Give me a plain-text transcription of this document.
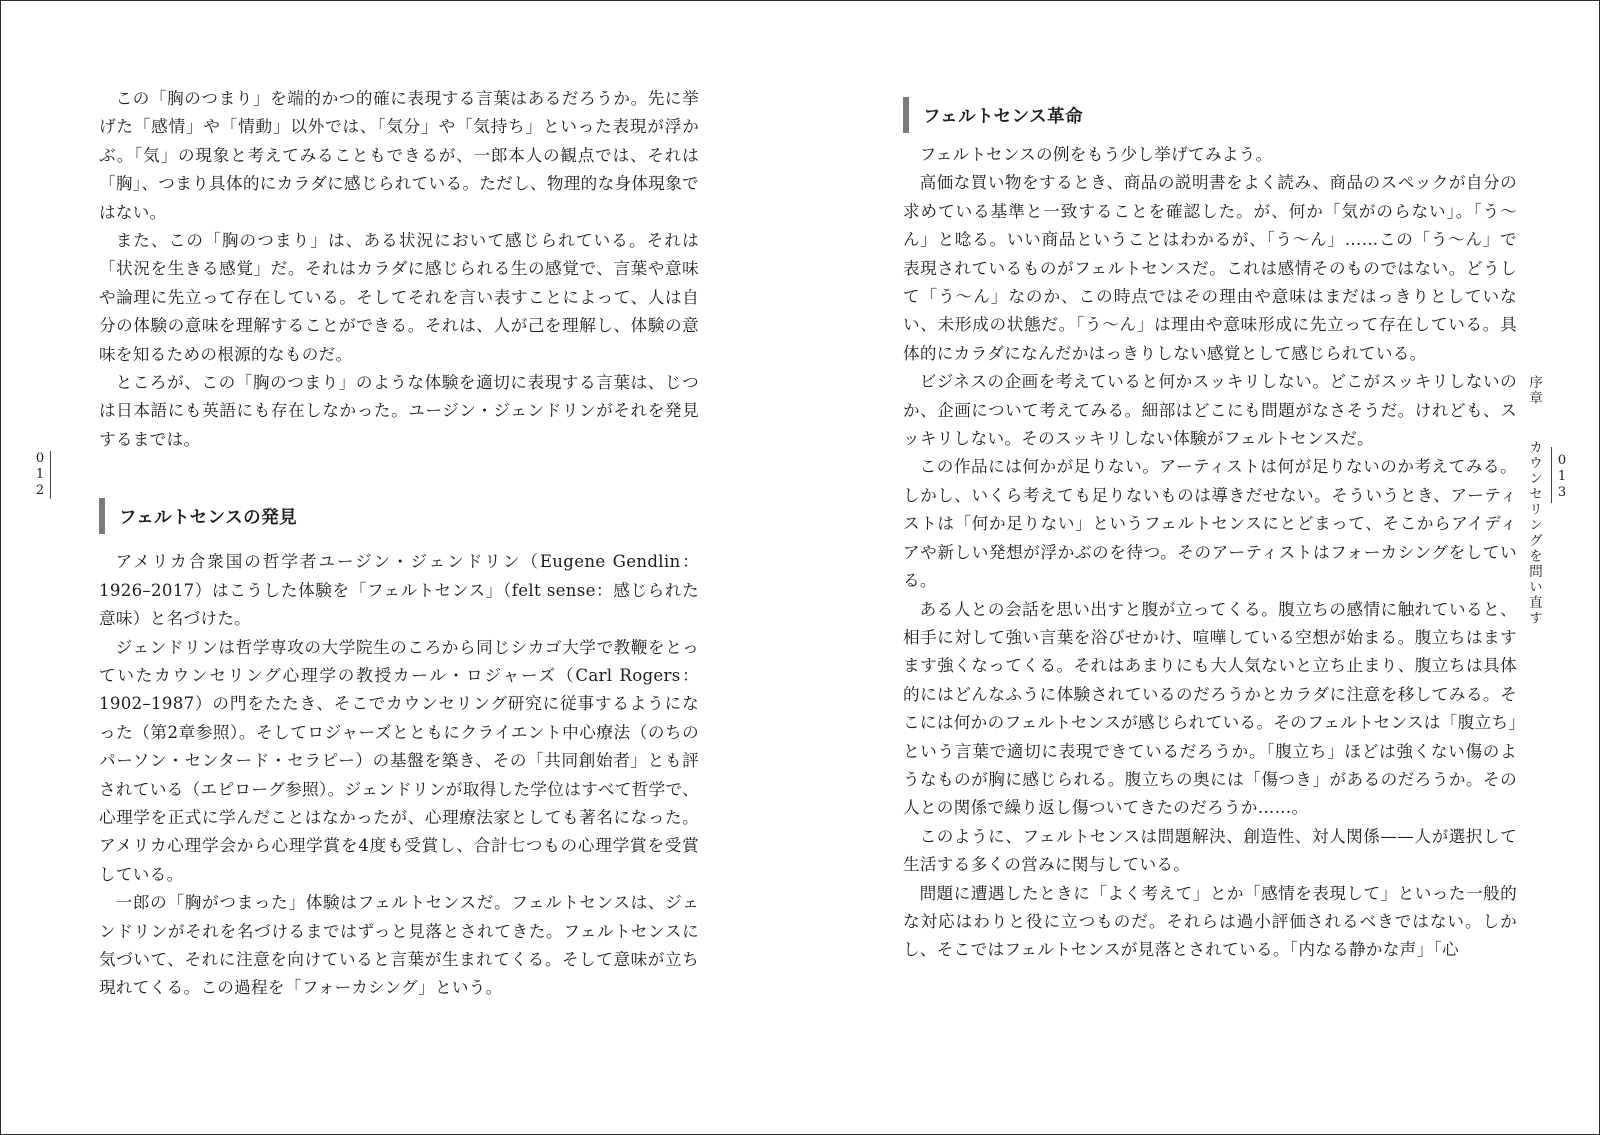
この「胸のつまり」を端的かつ的確に表現する言葉はあるだろうか。先に挙げた「感情」や「情動」以外では、「気分」や「気持ち」といった表現が浮かぶ。「気」の現象と考えてみることもできるが、一郎本人の観点では、それは「胸」、つまり具体的にカラダに感じられている。ただし、物理的な身体現象ではない。

また、この「胸のつまり」は、ある状況において感じられている。それは「状況を生きる感覚」だ。それはカラダに感じられる生の感覚で、言葉や意味や論理に先立って存在している。そしてそれを言い表すことによって、人は自分の体験の意味を理解することができる。それは、人が己を理解し、体験の意味を知るための根源的なものだ。

ところが、この「胸のつまり」のような体験を適切に表現する言葉は、じつは日本語にも英語にも存在しなかった。ユージン・ジェンドリンがそれを発見するまでは。

フェルトセンスの発見

アメリカ合衆国の哲学者ユージン・ジェンドリン（Eugene Gendlin：1926–2017）はこうした体験を「フェルトセンス」（felt sense：感じられた意味）と名づけた。

ジェンドリンは哲学専攻の大学院生のころから同じシカゴ大学で教鞭をとっていたカウンセリング心理学の教授カール・ロジャーズ（Carl Rogers：1902–1987）の門をたたき、そこでカウンセリング研究に従事するようになった（第2章参照）。そしてロジャーズとともにクライエント中心療法（のちのパーソン・センタード・セラピー）の基盤を築き、その「共同創始者」とも評されている（エピローグ参照）。ジェンドリンが取得した学位はすべて哲学で、心理学を正式に学んだことはなかったが、心理療法家としても著名になった。アメリカ心理学会から心理学賞を4度も受賞し、合計七つもの心理学賞を受賞している。

一郎の「胸がつまった」体験はフェルトセンスだ。フェルトセンスは、ジェンドリンがそれを名づけるまではずっと見落とされてきた。フェルトセンスに気づいて、それに注意を向けていると言葉が生まれてくる。そして意味が立ち現れてくる。この過程を「フォーカシング」という。

0
1
2
フェルトセンス革命

フェルトセンスの例をもう少し挙げてみよう。

高価な買い物をするとき、商品の説明書をよく読み、商品のスペックが自分の求めている基準と一致することを確認した。が、何か「気がのらない」。「う～ん」と唸る。いい商品ということはわかるが、「う～ん」……この「う～ん」で表現されているものがフェルトセンスだ。これは感情そのものではない。どうして「う～ん」なのか、この時点ではその理由や意味はまだはっきりとしていない、未形成の状態だ。「う～ん」は理由や意味形成に先立って存在している。具体的にカラダになんだかはっきりしない感覚として感じられている。

ビジネスの企画を考えていると何かスッキリしない。どこがスッキリしないのか、企画について考えてみる。細部はどこにも問題がなさそうだ。けれども、スッキリしない。そのスッキリしない体験がフェルトセンスだ。

この作品には何かが足りない。アーティストは何が足りないのか考えてみる。しかし、いくら考えても足りないものは導きだせない。そういうとき、アーティストは「何か足りない」というフェルトセンスにとどまって、そこからアイディアや新しい発想が浮かぶのを待つ。そのアーティストはフォーカシングをしている。

ある人との会話を思い出すと腹が立ってくる。腹立ちの感情に触れていると、相手に対して強い言葉を浴びせかけ、喧嘩している空想が始まる。腹立ちはますます強くなってくる。それはあまりにも大人気ないと立ち止まり、腹立ちは具体的にはどんなふうに体験されているのだろうかとカラダに注意を移してみる。そこには何かのフェルトセンスが感じられている。そのフェルトセンスは「腹立ち」という言葉で適切に表現できているだろうか。「腹立ち」ほどは強くない傷のようなものが胸に感じられる。腹立ちの奥には「傷つき」があるのだろうか。その人との関係で繰り返し傷ついてきたのだろうか……。

このように、フェルトセンスは問題解決、創造性、対人関係——人が選択して生活する多くの営みに関与している。

問題に遭遇したときに「よく考えて」とか「感情を表現して」といった一般的な対応はわりと役に立つものだ。それらは過小評価されるべきではない。しかし、そこではフェルトセンスが見落とされている。「内なる静かな声」「心

序章 カウンセリングを問い直す 0
1
3
